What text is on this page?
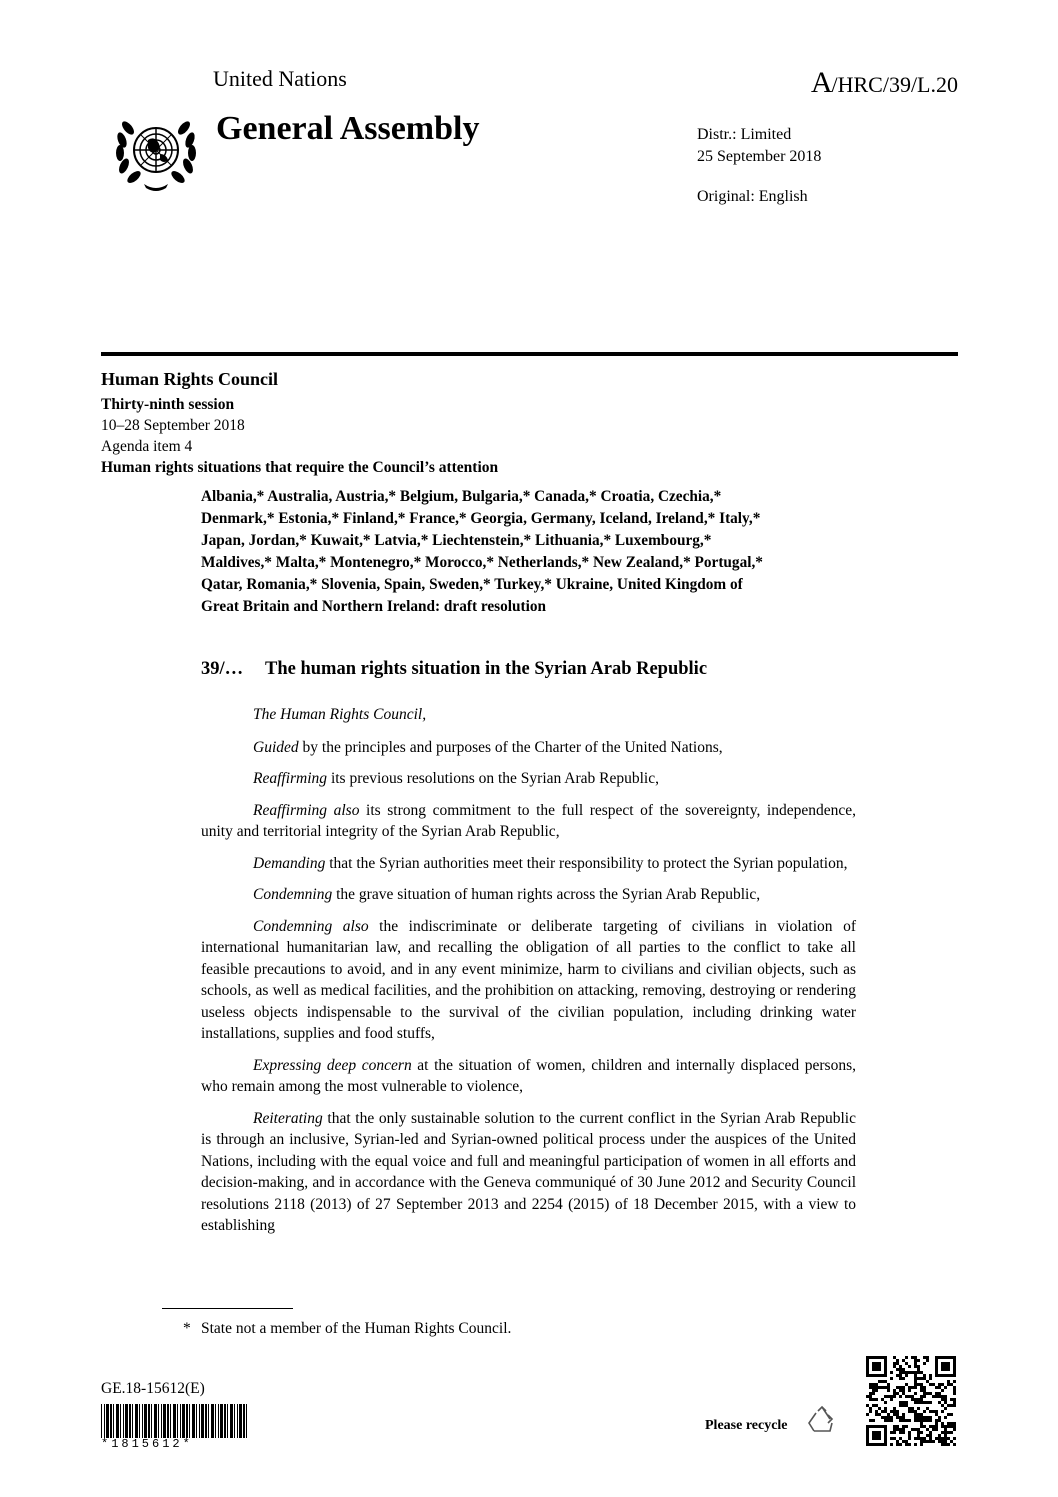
United Nations	A/HRC/39/L.20
General Assembly	Distr.: Limited
25 September 2018
Original: English
Human Rights Council
Thirty-ninth session
10–28 September 2018
Agenda item 4
Human rights situations that require the Council’s attention
Albania,* Australia, Austria,* Belgium, Bulgaria,* Canada,* Croatia, Czechia,*
Denmark,* Estonia,* Finland,* France,* Georgia, Germany, Iceland, Ireland,* Italy,*
Japan, Jordan,* Kuwait,* Latvia,* Liechtenstein,* Lithuania,* Luxembourg,*
Maldives,* Malta,* Montenegro,* Morocco,* Netherlands,* New Zealand,* Portugal,*
Qatar, Romania,* Slovenia, Spain, Sweden,* Turkey,* Ukraine, United Kingdom of
Great Britain and Northern Ireland: draft resolution
39/… The human rights situation in the Syrian Arab Republic

The Human Rights Council,

Guided by the principles and purposes of the Charter of the United Nations,

Reaffirming its previous resolutions on the Syrian Arab Republic,

Reaffirming also its strong commitment to the full respect of the sovereignty, independence, unity and territorial integrity of the Syrian Arab Republic,

Demanding that the Syrian authorities meet their responsibility to protect the Syrian population,

Condemning the grave situation of human rights across the Syrian Arab Republic,

Condemning also the indiscriminate or deliberate targeting of civilians in violation of international humanitarian law, and recalling the obligation of all parties to the conflict to take all feasible precautions to avoid, and in any event minimize, harm to civilians and civilian objects, such as schools, as well as medical facilities, and the prohibition on attacking, removing, destroying or rendering useless objects indispensable to the survival of the civilian population, including drinking water installations, supplies and food stuffs,

Expressing deep concern at the situation of women, children and internally displaced persons, who remain among the most vulnerable to violence,

Reiterating that the only sustainable solution to the current conflict in the Syrian Arab Republic is through an inclusive, Syrian-led and Syrian-owned political process under the auspices of the United Nations, including with the equal voice and full and meaningful participation of women in all efforts and decision-making, and in accordance with the Geneva communiqué of 30 June 2012 and Security Council resolutions 2118 (2013) of 27 September 2013 and 2254 (2015) of 18 December 2015, with a view to establishing

* State not a member of the Human Rights Council.
GE.18-15612(E)
*1815612*
Please recycle
